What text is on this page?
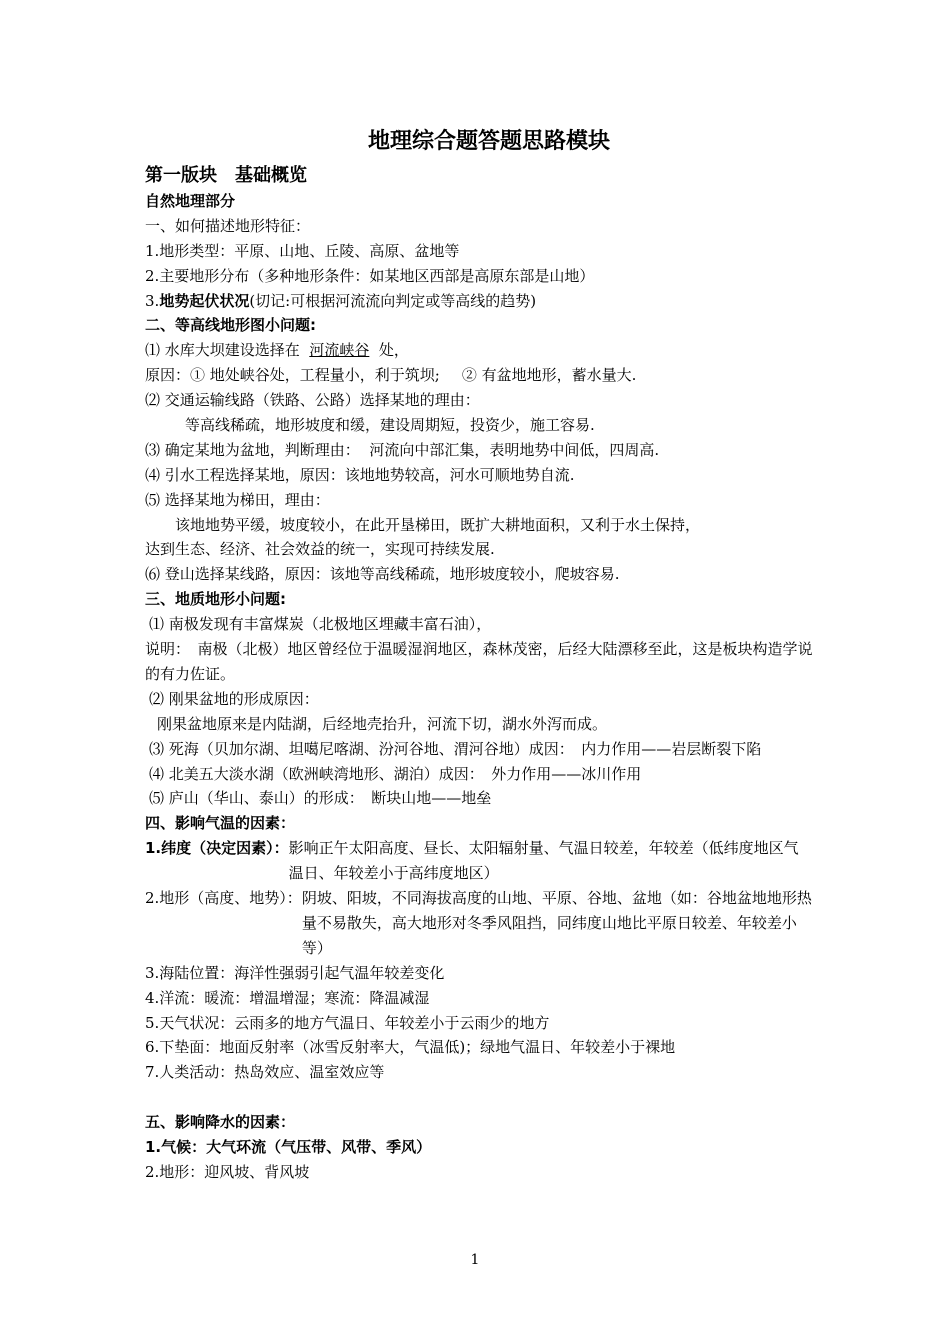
地理综合题答题思路模块
第一版块　基础概览
自然地理部分
一、如何描述地形特征：
1.地形类型：平原、山地、丘陵、高原、盆地等
2.主要地形分布（多种地形条件：如某地区西部是高原东部是山地）
3.地势起伏状况(切记:可根据河流流向判定或等高线的趋势)
二、等高线地形图小问题:
⑴ 水库大坝建设选择在 河流峡谷 处，
原因：① 地处峡谷处，工程量小，利于筑坝; ② 有盆地地形，蓄水量大.
⑵ 交通运输线路（铁路、公路）选择某地的理由：
等高线稀疏，地形坡度和缓，建设周期短，投资少，施工容易.
⑶ 确定某地为盆地，判断理由： 河流向中部汇集，表明地势中间低，四周高.
⑷ 引水工程选择某地，原因：该地地势较高，河水可顺地势自流.
⑸ 选择某地为梯田，理由：
该地地势平缓，坡度较小，在此开垦梯田，既扩大耕地面积，又利于水土保持，
达到生态、经济、社会效益的统一，实现可持续发展.
⑹ 登山选择某线路，原因：该地等高线稀疏，地形坡度较小，爬坡容易.
三、地质地形小问题:
⑴ 南极发现有丰富煤炭（北极地区埋藏丰富石油），
说明：　南极（北极）地区曾经位于温暖湿润地区，森林茂密，后经大陆漂移至此，这是板块构造学说的有力佐证。
⑵ 刚果盆地的形成原因：
刚果盆地原来是内陆湖，后经地壳抬升，河流下切，湖水外泻而成。
⑶ 死海（贝加尔湖、坦噶尼喀湖、汾河谷地、渭河谷地）成因：　内力作用——岩层断裂下陷
⑷ 北美五大淡水湖（欧洲峡湾地形、湖泊）成因：　外力作用——冰川作用
⑸ 庐山（华山、泰山）的形成：　断块山地——地垒
四、影响气温的因素：
1.纬度（决定因素）： 影响正午太阳高度、昼长、太阳辐射量、气温日较差，年较差（低纬度地区气温日、年较差小于高纬度地区）
2.地形（高度、地势）： 阴坡、阳坡，不同海拔高度的山地、平原、谷地、盆地（如：谷地盆地地形热量不易散失，高大地形对冬季风阻挡，同纬度山地比平原日较差、年较差小等）
3.海陆位置：海洋性强弱引起气温年较差变化
4.洋流：暖流：增温增湿；寒流：降温减湿
5.天气状况：云雨多的地方气温日、年较差小于云雨少的地方
6.下垫面：地面反射率（冰雪反射率大，气温低)；绿地气温日、年较差小于裸地
7.人类活动：热岛效应、温室效应等
五、影响降水的因素：
1.气候：大气环流（气压带、风带、季风）
2.地形：迎风坡、背风坡
1
